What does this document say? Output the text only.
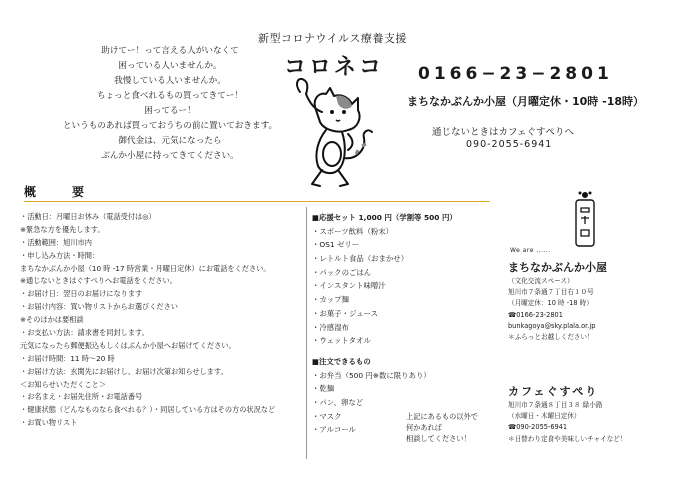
助けてー！って言える人がいなくて
困っている人いませんか。
我慢している人いませんか。
ちょっと食べれるもの買ってきてー！
困ってるー！
というものあれば買っておうちの前に置いておきます。
御代金は、元気になったら
ぶんか小屋に持ってきてください。
新型コロナウイルス療養支援
コロネコ 0166−23−2801
まちなかぶんか小屋（月曜定休・10時 -18時）
通じないときはカフェぐすぺりへ
090-2055-6941
概要
・活動日：月曜日お休み（電話受付は◎）
※緊急な方を優先します。
・活動範囲：旭川市内
・申し込み方法・時間：
まちなかぶんか小屋（10 時 -17 時営業・月曜日定休）にお電話をください。
※通じないときはぐすぺりへお電話をください。
・お届け日：翌日のお届けになります
・お届け内容：買い物リストからお選びください
※そのほかは要相談
・お支払い方法：請求書を同封します。
元気になったら郵便振込もしくはぶんか小屋へお届けてください。
・お届け時間：11 時〜20 時
・お届け方法：玄関先にお届けし、お届け次第お知らせします。
＜お知らせいただくこと＞
・お名まえ・お届先住所・お電話番号
・健康状態（どんなものなら食べれる？）・同居している方はその方の状況など
・お買い物リスト
■応援セット 1,000 円（学割等 500 円）
・スポーツ飲料（粉末）
・OS1 ゼリー
・レトルト食品（おまかせ）
・パックのごはん
・インスタント味噌汁
・カップ麺
・お菓子・ジュース
・冷感湿布
・ウェットタオル
■注文できるもの
・お弁当（500 円※数に限りあり）
・乾麺
・パン、卵など
・マスク
・アルコール
上記にあるもの以外で
何かあれば
相談してください！
We are ......
まちなかぶんか小屋
（文化交流スペース）
旭川市７条通７丁目右１０号
（月曜定休：10 時 -18 時）
☎0166-23-2801
bunkagoya@sky.plala.or.jp
＊ふらっとお越しください！
カフェぐすぺり
旭川市７条通８丁目３８ 緑小路
（水曜日・木曜日定休）
☎090-2055-6941
＊日替わり定食や美味しいチャイなど！
